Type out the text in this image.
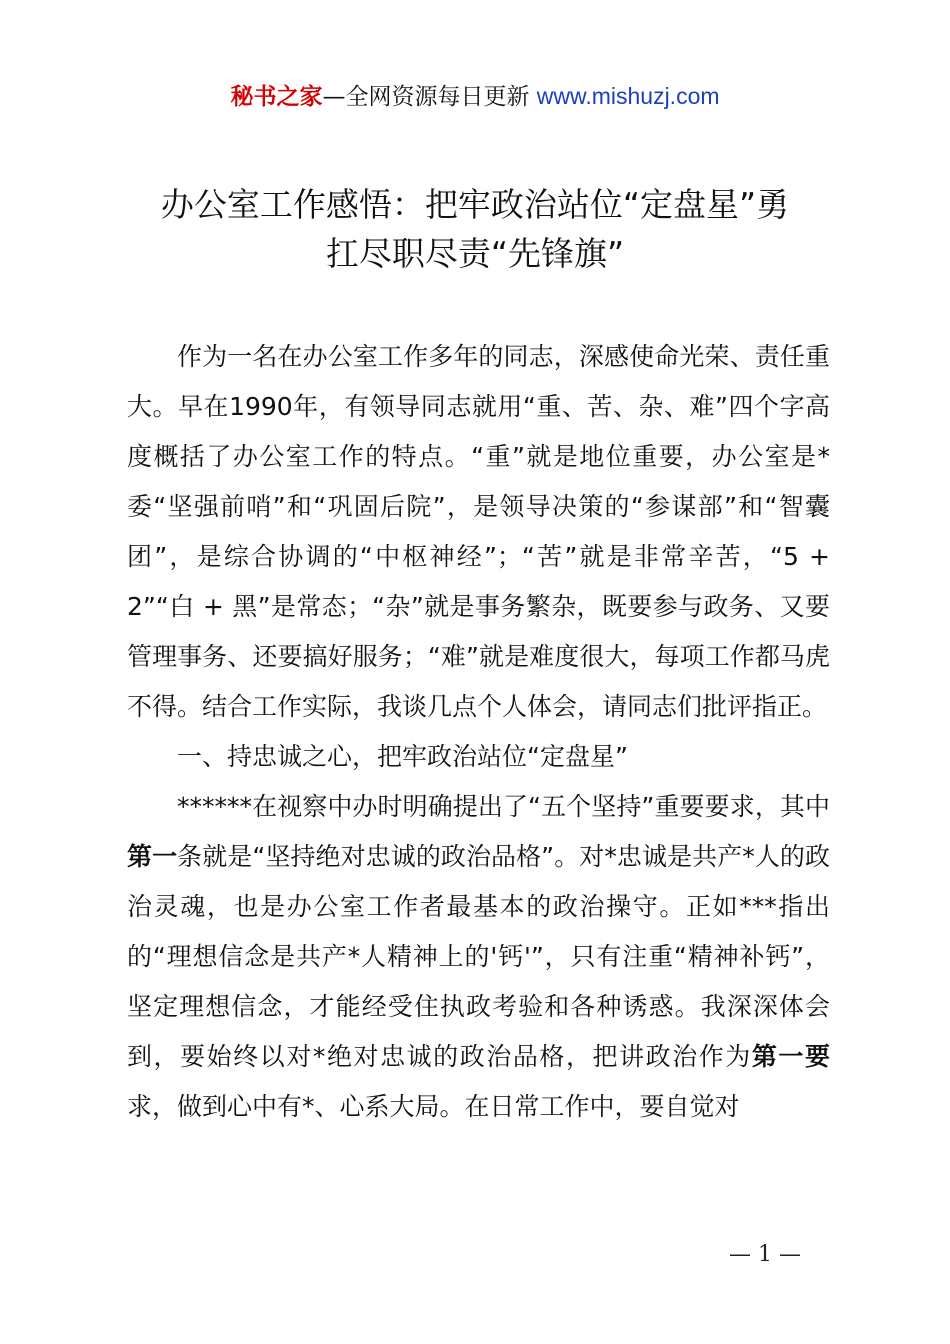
秘书之家—全网资源每日更新 www.mishuzj.com
办公室工作感悟：把牢政治站位“定盘星”勇
扛尽职尽责“先锋旗”

作为一名在办公室工作多年的同志，深感使命光荣、责任重大。早在1990年，有领导同志就用“重、苦、杂、难”四个字高度概括了办公室工作的特点。“重”就是地位重要，办公室是*委“坚强前哨”和“巩固后院”，是领导决策的“参谋部”和“智囊团”，是综合协调的“中枢神经”；“苦”就是非常辛苦，“5 + 2”“白 + 黑”是常态；“杂”就是事务繁杂，既要参与政务、又要管理事务、还要搞好服务；“难”就是难度很大，每项工作都马虎不得。结合工作实际，我谈几点个人体会，请同志们批评指正。

一、持忠诚之心，把牢政治站位“定盘星”

******在视察中办时明确提出了“五个坚持”重要要求，其中第一条就是“坚持绝对忠诚的政治品格”。对*忠诚是共产*人的政治灵魂，也是办公室工作者最基本的政治操守。正如***指出的“理想信念是共产*人精神上的'钙'”，只有注重“精神补钙”，坚定理想信念，才能经受住执政考验和各种诱惑。我深深体会到，要始终以对*绝对忠诚的政治品格，把讲政治作为第一要求，做到心中有*、心系大局。在日常工作中，要自觉对

— 1 —
